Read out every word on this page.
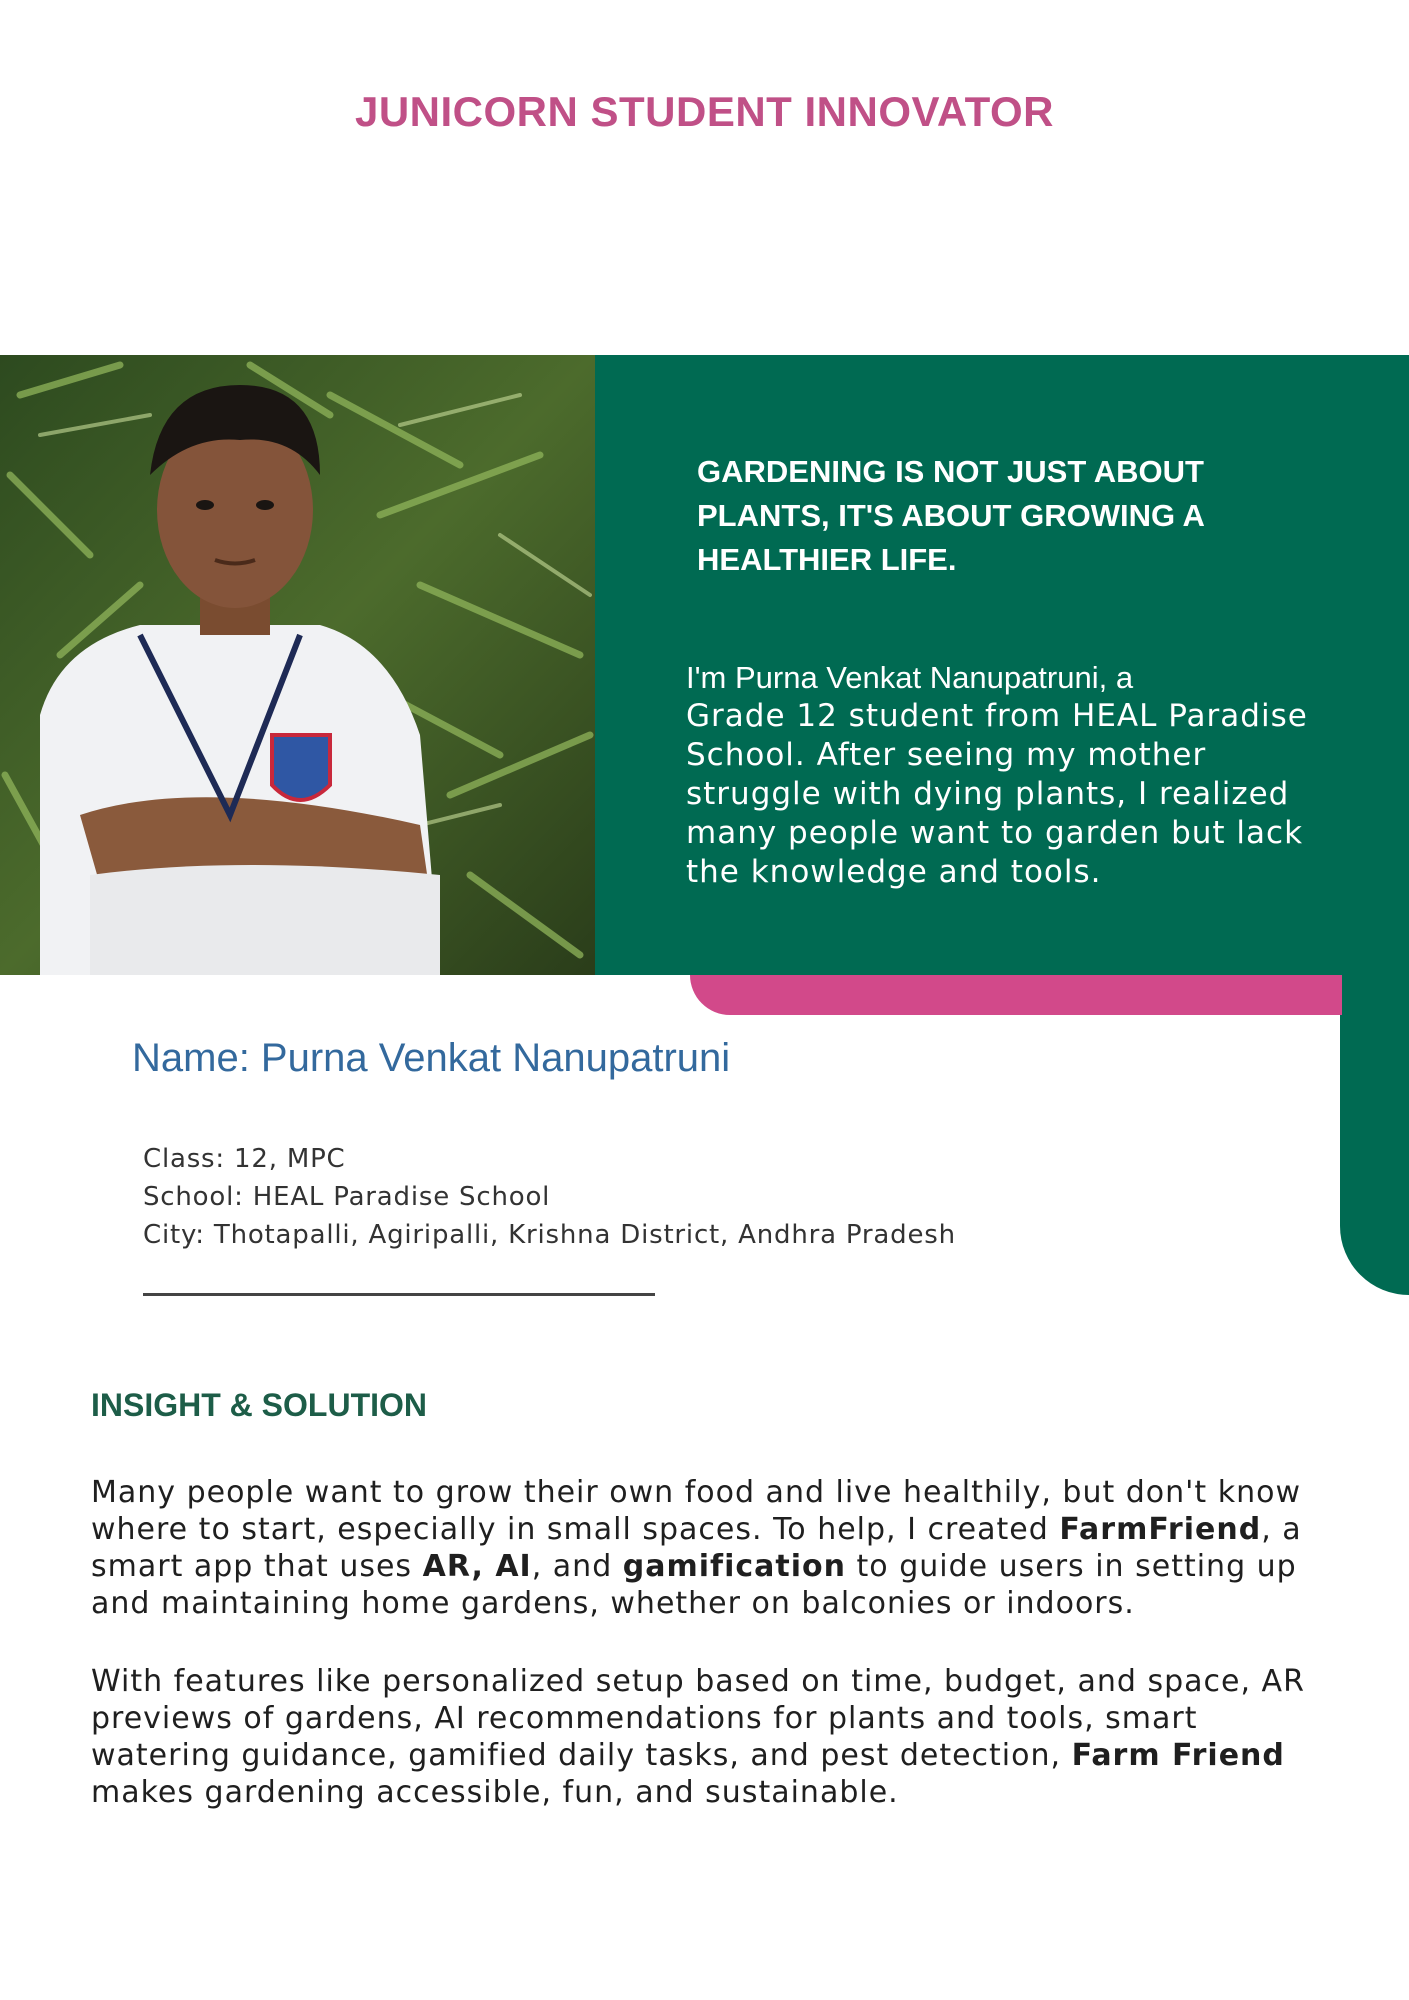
JUNICORN STUDENT INNOVATOR
GARDENING IS NOT JUST ABOUT PLANTS, IT'S ABOUT GROWING A HEALTHIER LIFE.
I'm Purna Venkat Nanupatruni, a
Grade 12 student from HEAL Paradise School. After seeing my mother struggle with dying plants, I realized many people want to garden but lack the knowledge and tools.
Name: Purna Venkat Nanupatruni
Class: 12, MPC
School: HEAL Paradise School
City: Thotapalli, Agiripalli, Krishna District, Andhra Pradesh
INSIGHT & SOLUTION
Many people want to grow their own food and live healthily, but don't know where to start, especially in small spaces. To help, I created FarmFriend, a smart app that uses AR, AI, and gamification to guide users in setting up and maintaining home gardens, whether on balconies or indoors.
With features like personalized setup based on time, budget, and space, AR previews of gardens, AI recommendations for plants and tools, smart watering guidance, gamified daily tasks, and pest detection, Farm Friend makes gardening accessible, fun, and sustainable.
